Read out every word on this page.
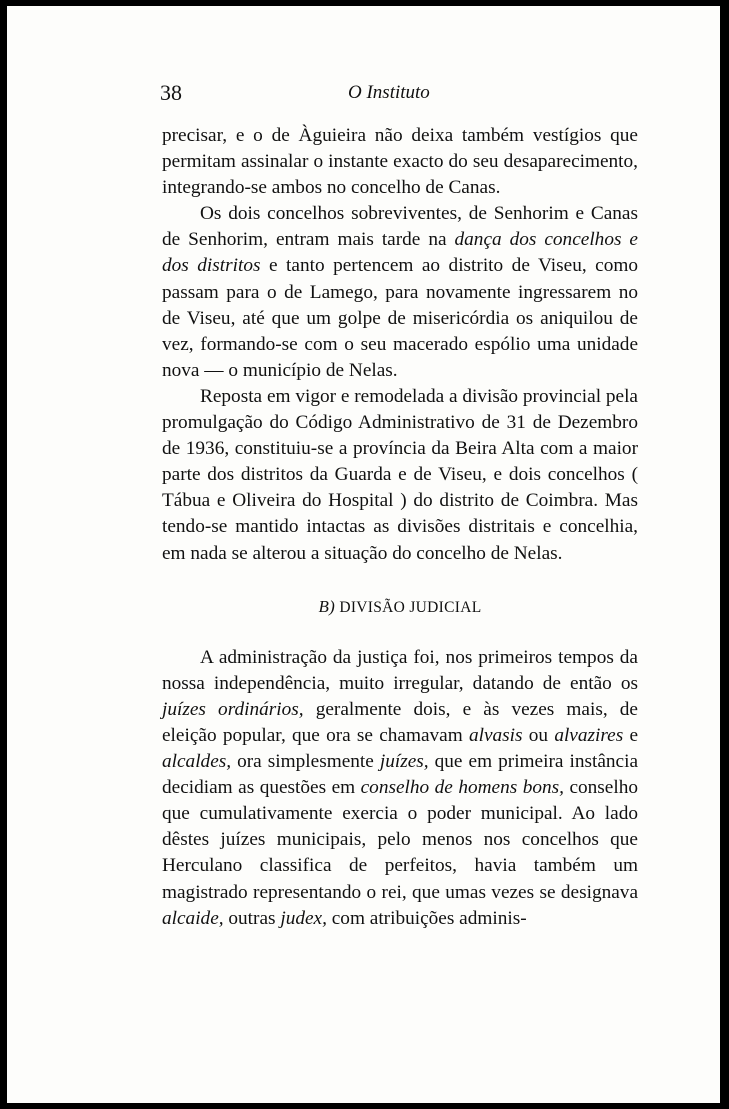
38	O Instituto

precisar, e o de Àguieira não deixa também vestígios que permitam assinalar o instante exacto do seu desaparecimento, integrando-se ambos no concelho de Canas.

Os dois concelhos sobreviventes, de Senhorim e Canas de Senhorim, entram mais tarde na dança dos concelhos e dos distritos e tanto pertencem ao distrito de Viseu, como passam para o de Lamego, para novamente ingressarem no de Viseu, até que um golpe de misericórdia os aniquilou de vez, formando-se com o seu macerado espólio uma unidade nova — o município de Nelas.

Reposta em vigor e remodelada a divisão provincial pela promulgação do Código Administrativo de 31 de Dezembro de 1936, constituiu-se a província da Beira Alta com a maior parte dos distritos da Guarda e de Viseu, e dois concelhos ( Tábua e Oliveira do Hospital ) do distrito de Coimbra. Mas tendo-se mantido intactas as divisões distritais e concelhia, em nada se alterou a situação do concelho de Nelas.

B) DIVISÃO JUDICIAL

A administração da justiça foi, nos primeiros tempos da nossa independência, muito irregular, datando de então os juízes ordinários, geralmente dois, e às vezes mais, de eleição popular, que ora se chamavam alvasis ou alvazires e alcaldes, ora simplesmente juízes, que em primeira instância decidiam as questões em conselho de homens bons, conselho que cumulativamente exercia o poder municipal. Ao lado dêstes juízes municipais, pelo menos nos concelhos que Herculano classifica de perfeitos, havia também um magistrado representando o rei, que umas vezes se designava alcaide, outras judex, com atribuições adminis-
